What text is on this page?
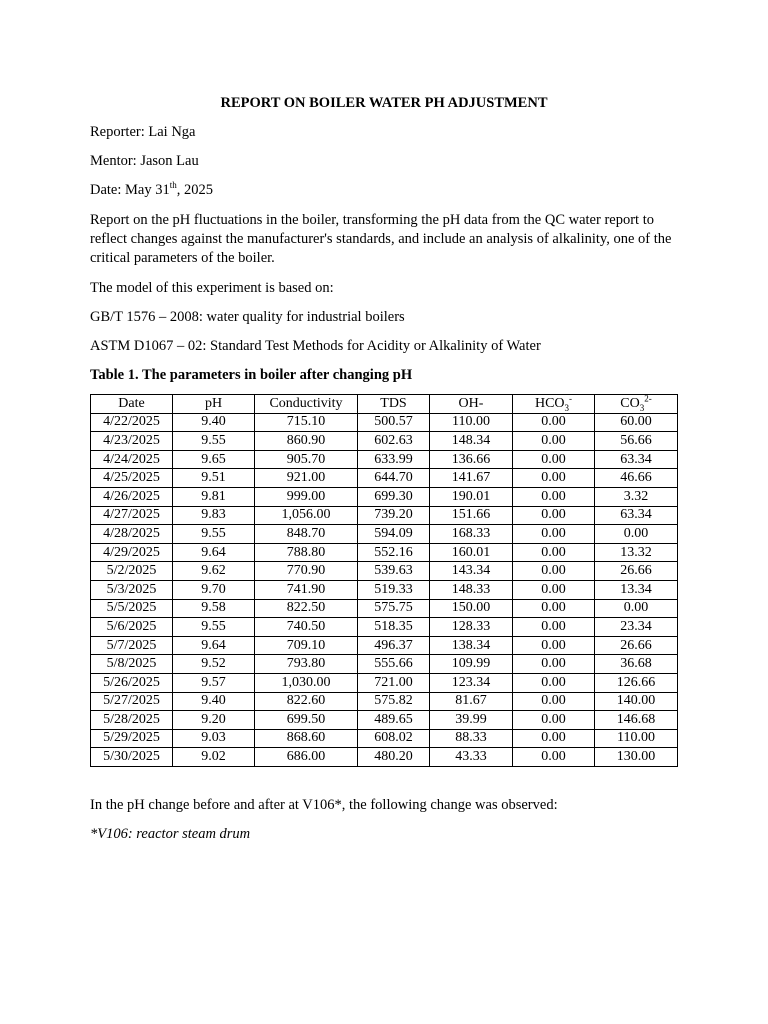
REPORT ON BOILER WATER PH ADJUSTMENT

Reporter: Lai Nga

Mentor: Jason Lau

Date: May 31th, 2025

Report on the pH fluctuations in the boiler, transforming the pH data from the QC water report to reflect changes against the manufacturer's standards, and include an analysis of alkalinity, one of the critical parameters of the boiler.

The model of this experiment is based on:

GB/T 1576 – 2008: water quality for industrial boilers

ASTM D1067 – 02: Standard Test Methods for Acidity or Alkalinity of Water

Table 1. The parameters in boiler after changing pH

Date	pH	Conductivity	TDS	OH-	$HCO_3^-$	$CO_3^{2-}$
4/22/2025	9.40	715.10	500.57	110.00	0.00	60.00
4/23/2025	9.55	860.90	602.63	148.34	0.00	56.66
4/24/2025	9.65	905.70	633.99	136.66	0.00	63.34
4/25/2025	9.51	921.00	644.70	141.67	0.00	46.66
4/26/2025	9.81	999.00	699.30	190.01	0.00	3.32
4/27/2025	9.83	1,056.00	739.20	151.66	0.00	63.34
4/28/2025	9.55	848.70	594.09	168.33	0.00	0.00
4/29/2025	9.64	788.80	552.16	160.01	0.00	13.32
5/2/2025	9.62	770.90	539.63	143.34	0.00	26.66
5/3/2025	9.70	741.90	519.33	148.33	0.00	13.34
5/5/2025	9.58	822.50	575.75	150.00	0.00	0.00
5/6/2025	9.55	740.50	518.35	128.33	0.00	23.34
5/7/2025	9.64	709.10	496.37	138.34	0.00	26.66
5/8/2025	9.52	793.80	555.66	109.99	0.00	36.68
5/26/2025	9.57	1,030.00	721.00	123.34	0.00	126.66
5/27/2025	9.40	822.60	575.82	81.67	0.00	140.00
5/28/2025	9.20	699.50	489.65	39.99	0.00	146.68
5/29/2025	9.03	868.60	608.02	88.33	0.00	110.00
5/30/2025	9.02	686.00	480.20	43.33	0.00	130.00

In the pH change before and after at V106*, the following change was observed:

*V106: reactor steam drum
